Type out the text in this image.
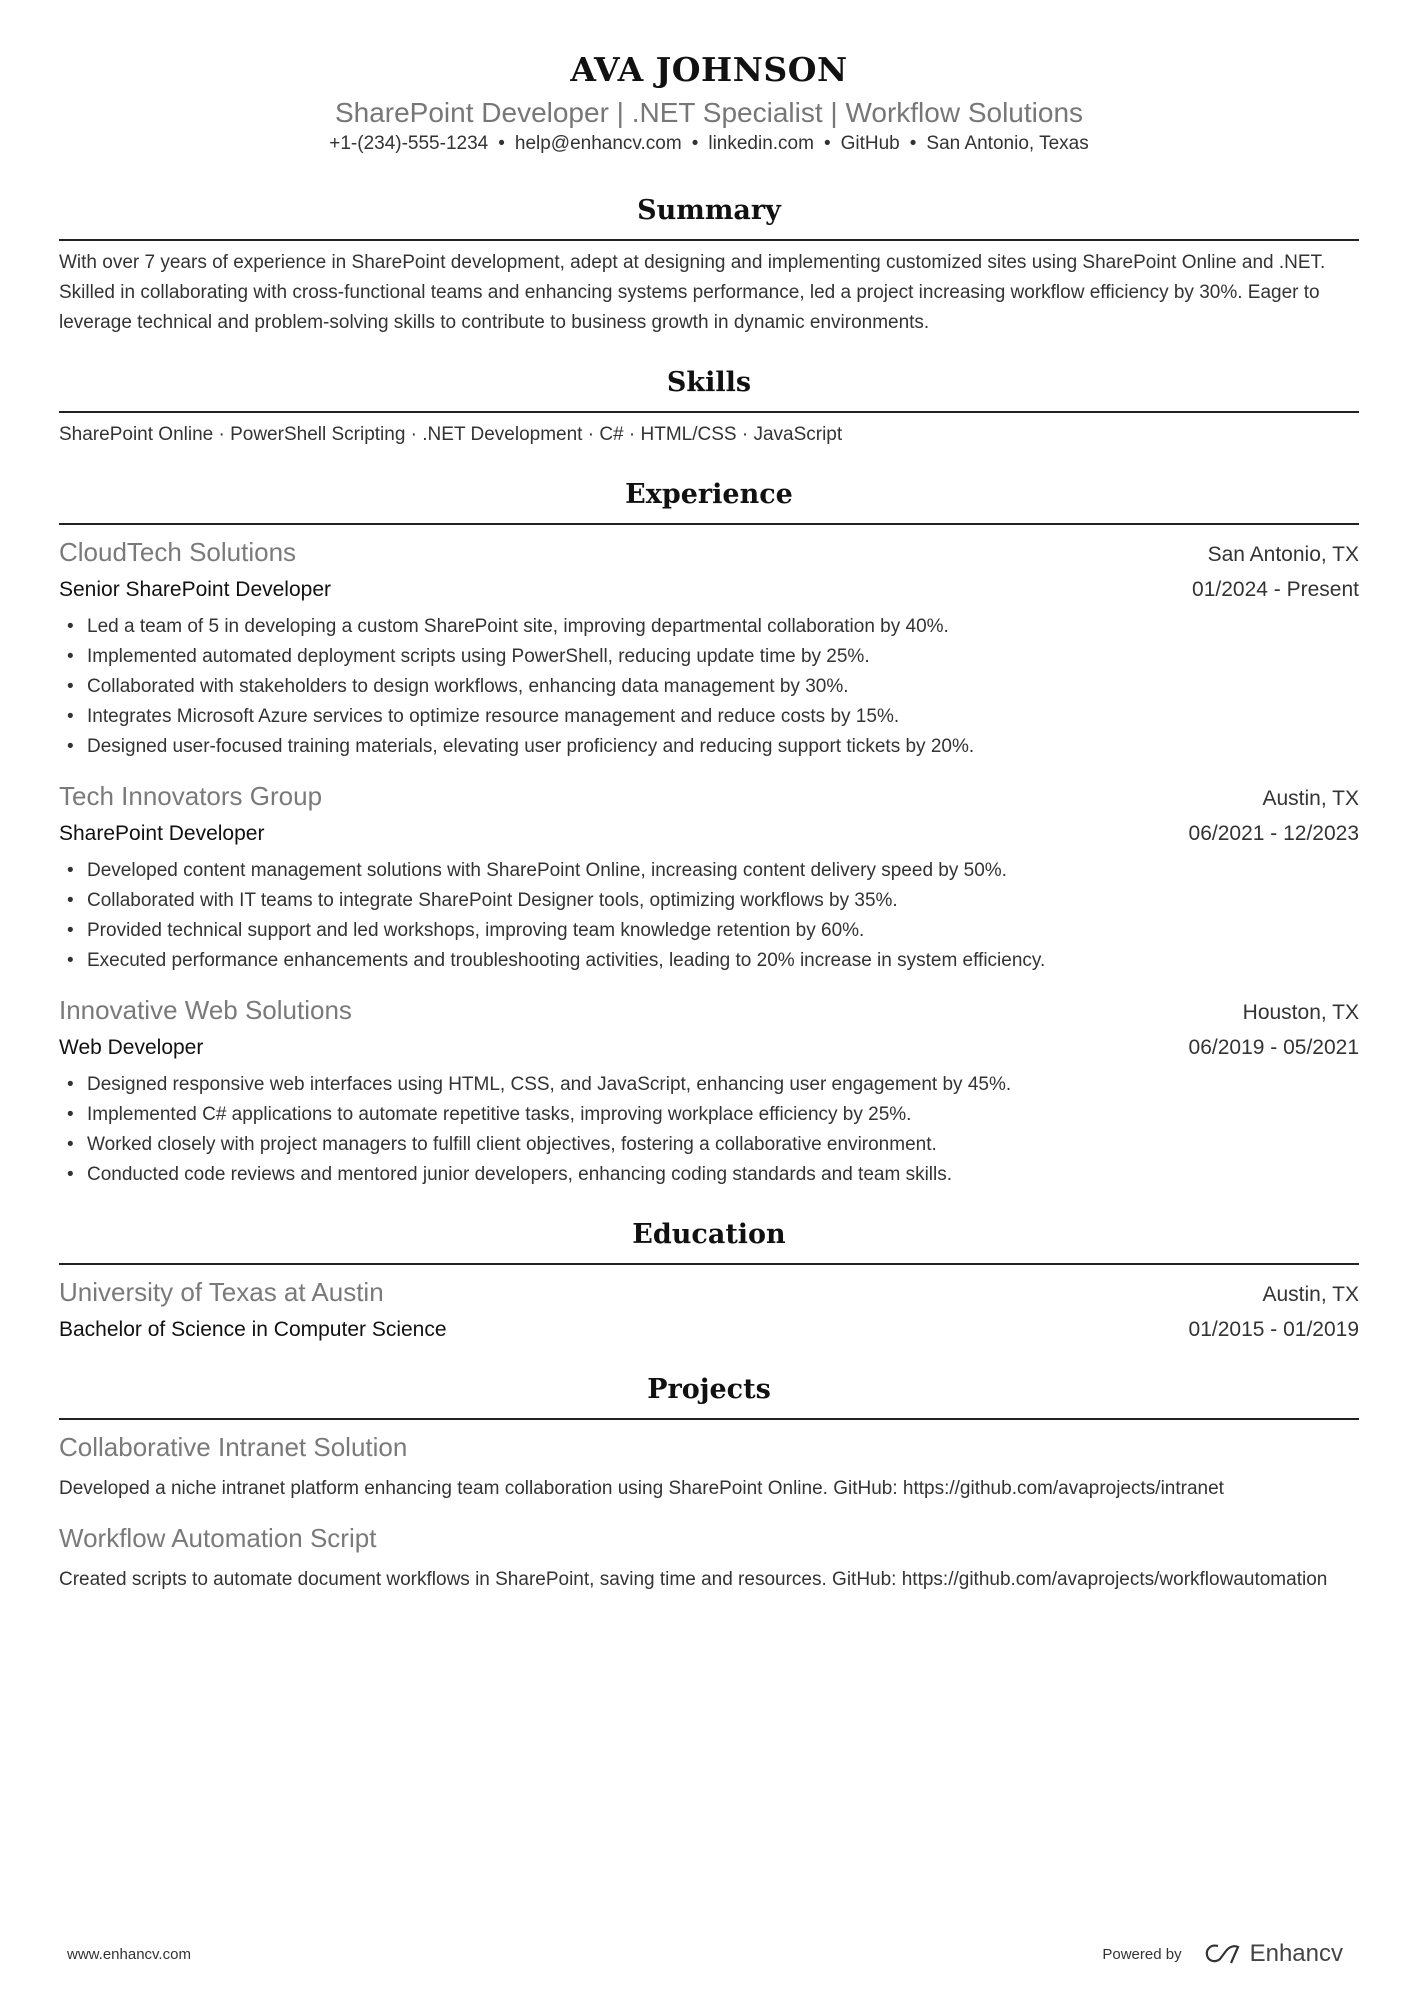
AVA JOHNSON
SharePoint Developer | .NET Specialist | Workflow Solutions
+1-(234)-555-1234 • help@enhancv.com • linkedin.com • GitHub • San Antonio, Texas
Summary
With over 7 years of experience in SharePoint development, adept at designing and implementing customized sites using SharePoint Online and .NET. Skilled in collaborating with cross-functional teams and enhancing systems performance, led a project increasing workflow efficiency by 30%. Eager to leverage technical and problem-solving skills to contribute to business growth in dynamic environments.
Skills
SharePoint Online · PowerShell Scripting · .NET Development · C# · HTML/CSS · JavaScript
Experience
CloudTech Solutions	San Antonio, TX
Senior SharePoint Developer	01/2024 - Present
• Led a team of 5 in developing a custom SharePoint site, improving departmental collaboration by 40%.
• Implemented automated deployment scripts using PowerShell, reducing update time by 25%.
• Collaborated with stakeholders to design workflows, enhancing data management by 30%.
• Integrates Microsoft Azure services to optimize resource management and reduce costs by 15%.
• Designed user-focused training materials, elevating user proficiency and reducing support tickets by 20%.
Tech Innovators Group	Austin, TX
SharePoint Developer	06/2021 - 12/2023
• Developed content management solutions with SharePoint Online, increasing content delivery speed by 50%.
• Collaborated with IT teams to integrate SharePoint Designer tools, optimizing workflows by 35%.
• Provided technical support and led workshops, improving team knowledge retention by 60%.
• Executed performance enhancements and troubleshooting activities, leading to 20% increase in system efficiency.
Innovative Web Solutions	Houston, TX
Web Developer	06/2019 - 05/2021
• Designed responsive web interfaces using HTML, CSS, and JavaScript, enhancing user engagement by 45%.
• Implemented C# applications to automate repetitive tasks, improving workplace efficiency by 25%.
• Worked closely with project managers to fulfill client objectives, fostering a collaborative environment.
• Conducted code reviews and mentored junior developers, enhancing coding standards and team skills.
Education
University of Texas at Austin	Austin, TX
Bachelor of Science in Computer Science	01/2015 - 01/2019
Projects
Collaborative Intranet Solution
Developed a niche intranet platform enhancing team collaboration using SharePoint Online. GitHub: https://github.com/avaprojects/intranet
Workflow Automation Script
Created scripts to automate document workflows in SharePoint, saving time and resources. GitHub: https://github.com/avaprojects/workflowautomation
www.enhancv.com	Powered by	Enhancv
